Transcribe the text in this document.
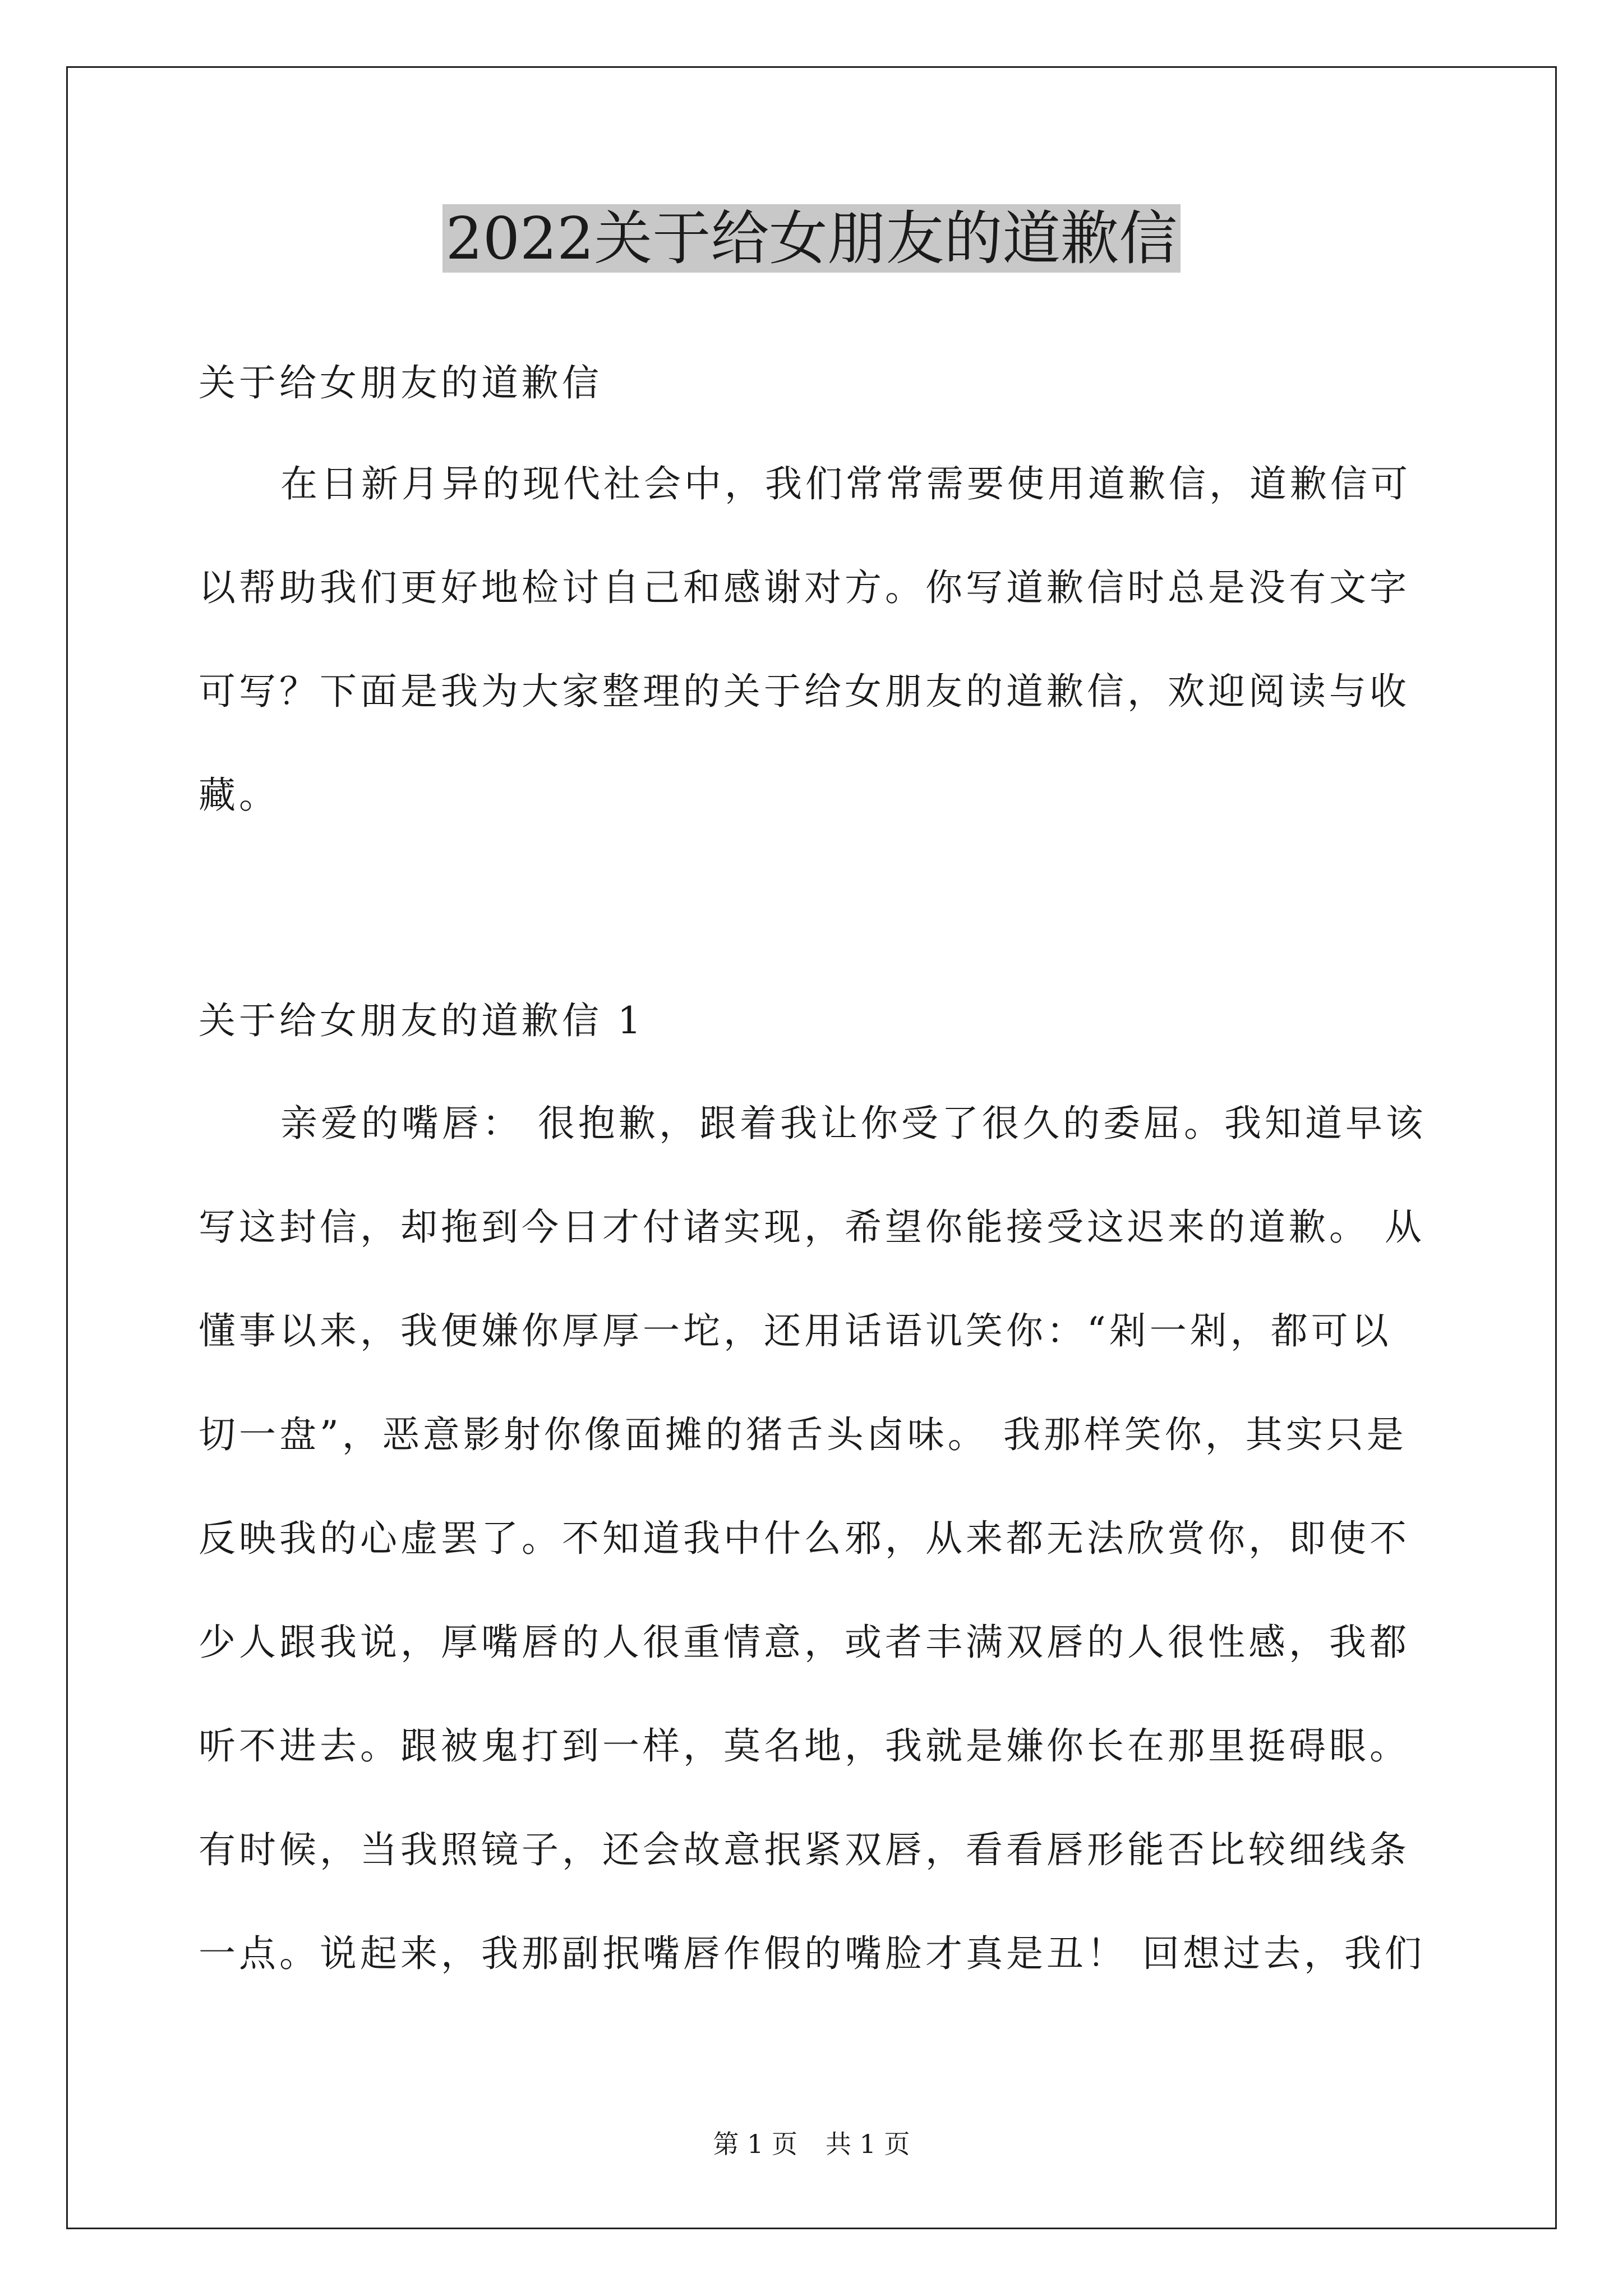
2022关于给女朋友的道歉信
关于给女朋友的道歉信
在日新月异的现代社会中，我们常常需要使用道歉信，道歉信可
以帮助我们更好地检讨自己和感谢对方。你写道歉信时总是没有文字
可写？下面是我为大家整理的关于给女朋友的道歉信，欢迎阅读与收
藏。
关于给女朋友的道歉信 1
亲爱的嘴唇： 很抱歉，跟着我让你受了很久的委屈。我知道早该
写这封信，却拖到今日才付诸实现，希望你能接受这迟来的道歉。 从
懂事以来，我便嫌你厚厚一坨，还用话语讥笑你：“剁一剁，都可以
切一盘”，恶意影射你像面摊的猪舌头卤味。 我那样笑你，其实只是
反映我的心虚罢了。不知道我中什么邪，从来都无法欣赏你，即使不
少人跟我说，厚嘴唇的人很重情意，或者丰满双唇的人很性感，我都
听不进去。跟被鬼打到一样，莫名地，我就是嫌你长在那里挺碍眼。
有时候，当我照镜子，还会故意抿紧双唇，看看唇形能否比较细线条
一点。说起来，我那副抿嘴唇作假的嘴脸才真是丑！ 回想过去，我们
第 1 页 共 1 页
